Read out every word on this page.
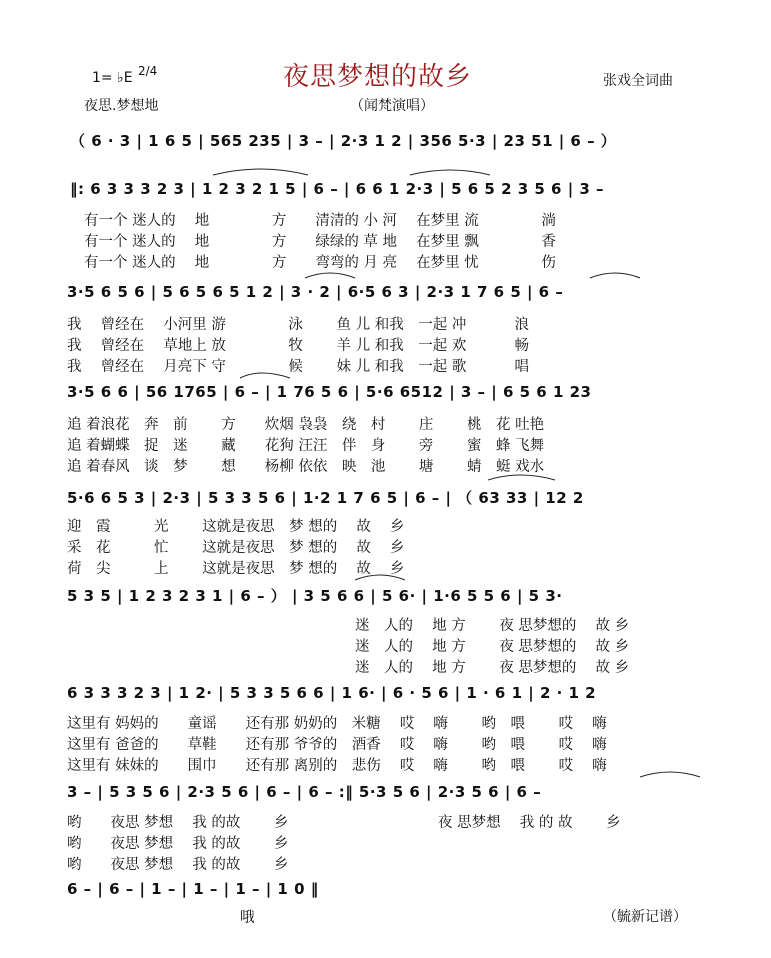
夜思梦想的故乡
1= ♭E 2/4
夜思.梦想地	（闻梵演唱）
张戏全词曲
（ 6 · 3 | 1 6 5 | 565 235 | 3 – | 2·3 1 2 | 356 5·3 | 23 51 | 6 – ）
‖: 6 3 3 3 2 3 | 1 2 3 2 1 5 | 6 – | 6 6 1 2·3 | 5 6 5 2 3 5 6 | 3 –
有一个 迷人的　 地　　　　 方　　清清的 小 河　 在梦里 流　　　　 淌
有一个 迷人的　 地　　　　 方　　绿绿的 草 地　 在梦里 飘　　　　 香
有一个 迷人的　 地　　　　 方　　弯弯的 月 亮　 在梦里 忧　　　　 伤
3·5 6 5 6 | 5 6 5 6 5 1 2 | 3 · 2 | 6·5 6 3 | 2·3 1 7 6 5 | 6 –
我　 曾经在　 小河里 游　　　　 泳　　 鱼 儿 和我　一起 冲　　　 浪
我　 曾经在　 草地上 放　　　　 牧　　 羊 儿 和我　一起 欢　　　 畅
我　 曾经在　 月亮下 守　　　　 候　　 妹 儿 和我　一起 歌　　　 唱
3·5 6 6 | 56 1765 | 6 – | 1 76 5 6 | 5·6 6512 | 3 – | 6 5 6 1 23
追 着浪花　奔　前　　 方　　炊烟 袅袅　绕　村　　 庄　　 桃　花 吐艳
追 着蝴蝶　捉　迷　　 藏　　花狗 汪汪　伴　身　　 旁　　 蜜　蜂 飞舞
追 着春风　谈　梦　　 想　　杨柳 依依　映　池　　 塘　　 蜻　蜓 戏水
5·6 6 5 3 | 2·3 | 5 3 3 5 6 | 1·2 1 7 6 5 | 6 – | （ 63 33 | 12 2
迎　霞　　　光　　 这就是夜思　梦 想的　 故　 乡
采　花　　　忙　　 这就是夜思　梦 想的　 故　 乡
荷　尖　　　上　　 这就是夜思　梦 想的　 故　 乡
5 3 5 | 1 2 3 2 3 1 | 6 – ） | 3 5 6 6 | 5 6· | 1·6 5 5 6 | 5 3·
迷　人的　 地 方　　 夜 思梦想的　 故 乡
迷　人的　 地 方　　 夜 思梦想的　 故 乡
迷　人的　 地 方　　 夜 思梦想的　 故 乡
6 3 3 3 2 3 | 1 2· | 5 3 3 5 6 6 | 1 6· | 6 · 5 6 | 1 · 6 1 | 2 · 1 2
这里有 妈妈的　　童谣　　还有那 奶奶的　米糖　 哎　 嗨　　 哟　喂　　 哎　 嗨
这里有 爸爸的　　草鞋　　还有那 爷爷的　酒香　 哎　 嗨　　 哟　喂　　 哎　 嗨
这里有 妹妹的　　围巾　　还有那 离别的　悲伤　 哎　 嗨　　 哟　喂　　 哎　 嗨
3 – | 5 3 5 6 | 2·3 5 6 | 6 – | 6 – :‖ 5·3 5 6 | 2·3 5 6 | 6 –
哟　　夜思 梦想　 我 的故　　 乡　　　　　　　　　　 夜 思梦想　 我 的 故　　 乡
哟　　夜思 梦想　 我 的故　　 乡
哟　　夜思 梦想　 我 的故　　 乡
6 – | 6 – | 1 – | 1 – | 1 – | 1 0 ‖
哦	（毓新记谱）
